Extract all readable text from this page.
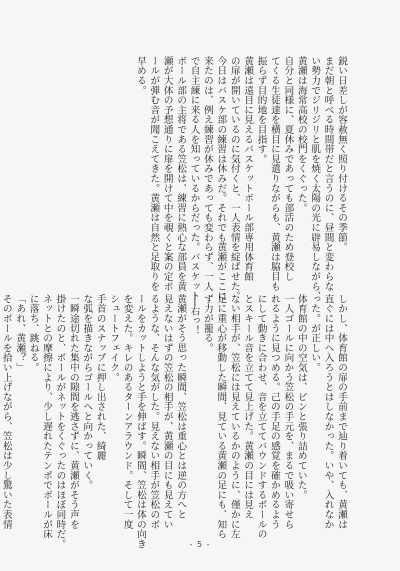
鋭い日差しが容赦無く照り付けるその季節。
まだ朝と呼べる時間帯だと言うのに、昼間と変わらな
い勢力でジリジリと肌を焼く太陽の光に辟易しながら、
黄瀬は海常高校の校門をくぐった。
自分と同様に、夏休みであっても部活のため登校し
てくる生徒達を横目に見遣りながらも、黄瀬は脇目も
振らず目的地を目指す。
黄瀬は遠目に見えるバスケットボール部専用体育館
の扉が開いているのに気付くと、一人表情を綻ばせた。
今日はバスケ部の練習は休みだ。それでも黄瀬がここに
来たのは、例え練習が休みであっても変わらず、一人
で自主練に来る人を知っているからだった。バスケット
ボール部の主将である笠松は、練習に熱心な部員を黄
瀬が大体の予想通りに扉を開けて中を覗くと案の定ボ
ールが弾む音が聞こえてきた。黄瀬は自然と足取りを
早める。
しかし、体育館の扉の手前まで辿り着いても、黄瀬は
直ぐには中へ入ろうとはしなかった。いや、入れなか
った。が正しい。
体育館の中の空気は、ピンと張り詰めていた。
一人ゴールに向かう笠松の手元を、まるで吸い寄せら
れるように見つめる。己の手足の感覚を確かめるよう
にして動きに合わせ、音を立ててバウンドするボールの
とスキール音を立てて見上げた。黄瀬の目には見え
ない相手が、笠松には見えているかのように、僅かに左
足に重心が移動した瞬間、見ている黄瀬の足にも、知ら
ず力が籠る。
──右っ！
黄瀬がそう思った瞬間、笠松は重心とは逆の方へと
見えないはずの笠松の相手が、黄瀬の目にも見えてい
るような、そんな気がした。見えない相手が笠松のボ
ールをカットしようと手を伸ばす。瞬間、笠松は体の向き
を変えた。キレのあるターンアラウンド。そして一度
シュートフェイク。
手首のスナップに押し出された、綺麗
な弧を描きながらゴールへと向かっていく。
一瞬途切れた集中の隙間を逃さずに、黄瀬がそう声を
掛けたのと、ボールがネットをくぐったのはほぼ同時だ。
ネットとの摩擦により、少し遅れたテンポでボールが床
に落ち、跳ねる。
「あれ、黄瀬？」
そのボールを拾い上げながら、笠松は少し驚いた表情
- 5 -
